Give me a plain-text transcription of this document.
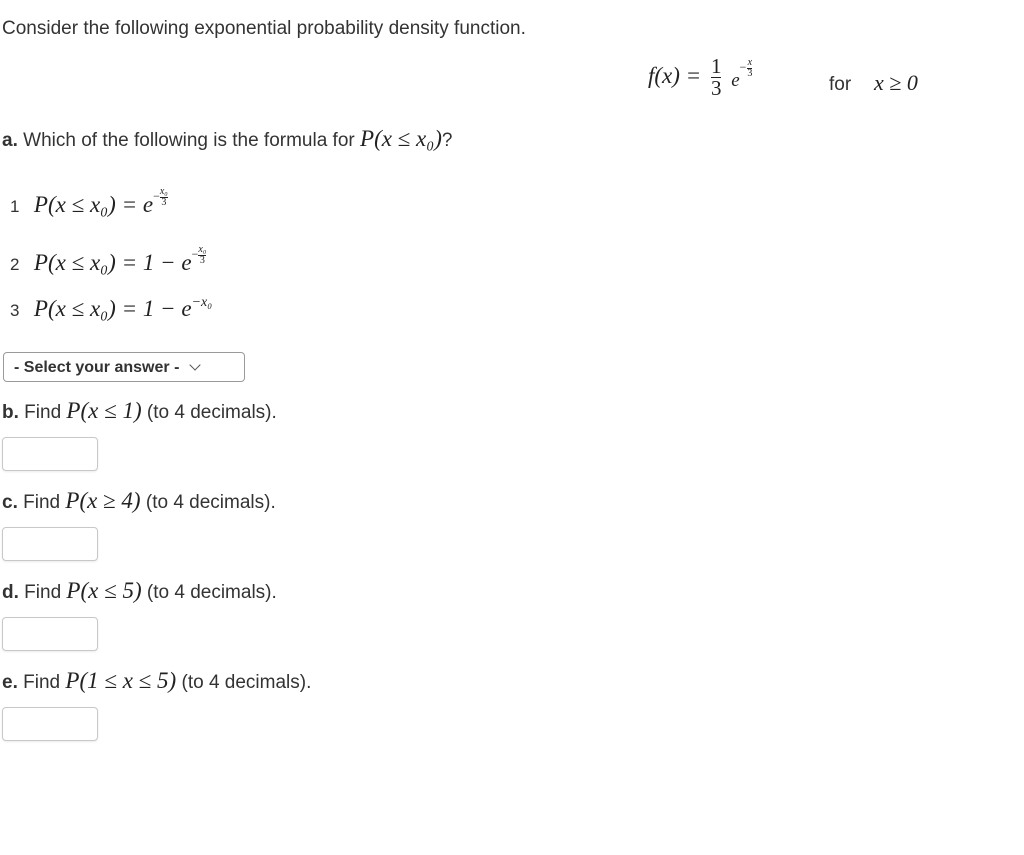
Consider the following exponential probability density function.
$f(x) = \frac{1}{3} e^{- \frac{x}{3}}$
for x ≥ 0
a. Which of the following is the formula for P(x ≤ x₀)?
1 $P(x \le x_0) = e^{- \frac{\text{x₀}}{3}}$
2 $P(x \le x_0) = 1 - e^{- \frac{\text{x₀}}{3}}$
3 $P(x \le x_0) = 1 - e^{-x_0}$
- Select your answer -
b. Find P(x ≤ 1) (to 4 decimals).
c. Find P(x ≥ 4) (to 4 decimals).
d. Find P(x ≤ 5) (to 4 decimals).
e. Find P(1 ≤ x ≤ 5) (to 4 decimals).
